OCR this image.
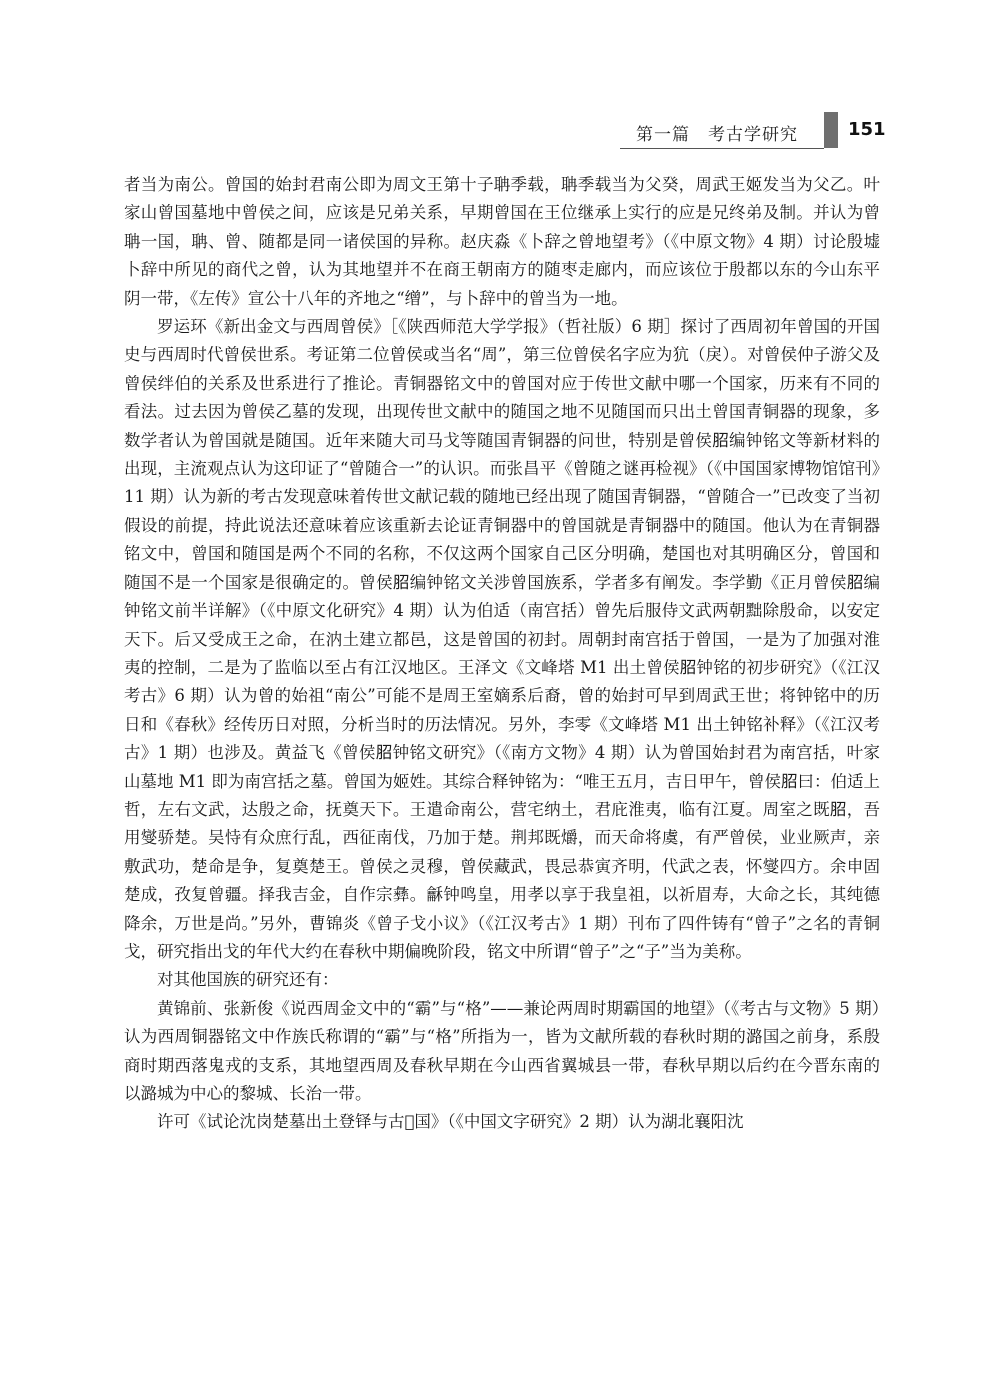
第一篇　考古学研究	151

者当为南公。曾国的始封君南公即为周文王第十子聃季载，聃季载当为父癸，周武王姬发当为父乙。叶家山曾国墓地中曾侯之间，应该是兄弟关系，早期曾国在王位继承上实行的应是兄终弟及制。并认为曾聃一国，聃、曾、随都是同一诸侯国的异称。赵庆淼《卜辞之曾地望考》（《中原文物》4 期）讨论殷墟卜辞中所见的商代之曾，认为其地望并不在商王朝南方的随枣走廊内，而应该位于殷都以东的今山东平阴一带，《左传》宣公十八年的齐地之“缯”，与卜辞中的曾当为一地。

罗运环《新出金文与西周曾侯》［《陕西师范大学学报》（哲社版）6 期］探讨了西周初年曾国的开国史与西周时代曾侯世系。考证第二位曾侯或当名“周”，第三位曾侯名字应为犺（戾）。对曾侯仲子游父及曾侯绊伯的关系及世系进行了推论。青铜器铭文中的曾国对应于传世文献中哪一个国家，历来有不同的看法。过去因为曾侯乙墓的发现，出现传世文献中的随国之地不见随国而只出土曾国青铜器的现象，多数学者认为曾国就是随国。近年来随大司马戈等随国青铜器的问世，特别是曾侯𦚔编钟铭文等新材料的出现，主流观点认为这印证了“曾随合一”的认识。而张昌平《曾随之谜再检视》（《中国国家博物馆馆刊》11 期）认为新的考古发现意味着传世文献记载的随地已经出现了随国青铜器，“曾随合一”已改变了当初假设的前提，持此说法还意味着应该重新去论证青铜器中的曾国就是青铜器中的随国。他认为在青铜器铭文中，曾国和随国是两个不同的名称，不仅这两个国家自己区分明确，楚国也对其明确区分，曾国和随国不是一个国家是很确定的。曾侯𦚔编钟铭文关涉曾国族系，学者多有阐发。李学勤《正月曾侯𦚔编钟铭文前半详解》（《中原文化研究》4 期）认为伯适（南宫括）曾先后服侍文武两朝黜除殷命，以安定天下。后又受成王之命，在汭土建立都邑，这是曾国的初封。周朝封南宫括于曾国，一是为了加强对淮夷的控制，二是为了监临以至占有江汉地区。王泽文《文峰塔 M1 出土曾侯𦚔钟铭的初步研究》（《江汉考古》6 期）认为曾的始祖“南公”可能不是周王室嫡系后裔，曾的始封可早到周武王世；将钟铭中的历日和《春秋》经传历日对照，分析当时的历法情况。另外，李零《文峰塔 M1 出土钟铭补释》（《江汉考古》1 期）也涉及。黄益飞《曾侯𦚔钟铭文研究》（《南方文物》4 期）认为曾国始封君为南宫括，叶家山墓地 M1 即为南宫括之墓。曾国为姬姓。其综合释钟铭为：“唯王五月，吉日甲午，曾侯𦚔曰：伯适上哲，左右文武，达殷之命，抚奠天下。王遣命南公，营宅纳土，君庇淮夷，临有江夏。周室之既𦚔，吾用燮骄楚。吴恃有众庶行乱，西征南伐，乃加于楚。荆邦既爝，而天命将虞，有严曾侯，业业厥声，亲敷武功，楚命是争，复奠楚王。曾侯之灵穆，曾侯藏武，畏忌恭寅齐明，代武之表，怀燮四方。余申固楚成，孜复曾疆。择我吉金，自作宗彝。龢钟鸣皇，用孝以享于我皇祖，以祈眉寿，大命之长，其纯德降余，万世是尚。”另外，曹锦炎《曾子戈小议》（《江汉考古》1 期）刊布了四件铸有“曾子”之名的青铜戈，研究指出戈的年代大约在春秋中期偏晚阶段，铭文中所谓“曾子”之“子”当为美称。

对其他国族的研究还有：

黄锦前、张新俊《说西周金文中的“霸”与“格”——兼论两周时期霸国的地望》（《考古与文物》5 期）认为西周铜器铭文中作族氏称谓的“霸”与“格”所指为一，皆为文献所载的春秋时期的潞国之前身，系殷商时期西落鬼戎的支系，其地望西周及春秋早期在今山西省翼城县一带，春秋早期以后约在今晋东南的以潞城为中心的黎城、长治一带。

许可《试论沈岗楚墓出土登铎与古𢼸国》（《中国文字研究》2 期）认为湖北襄阳沈
